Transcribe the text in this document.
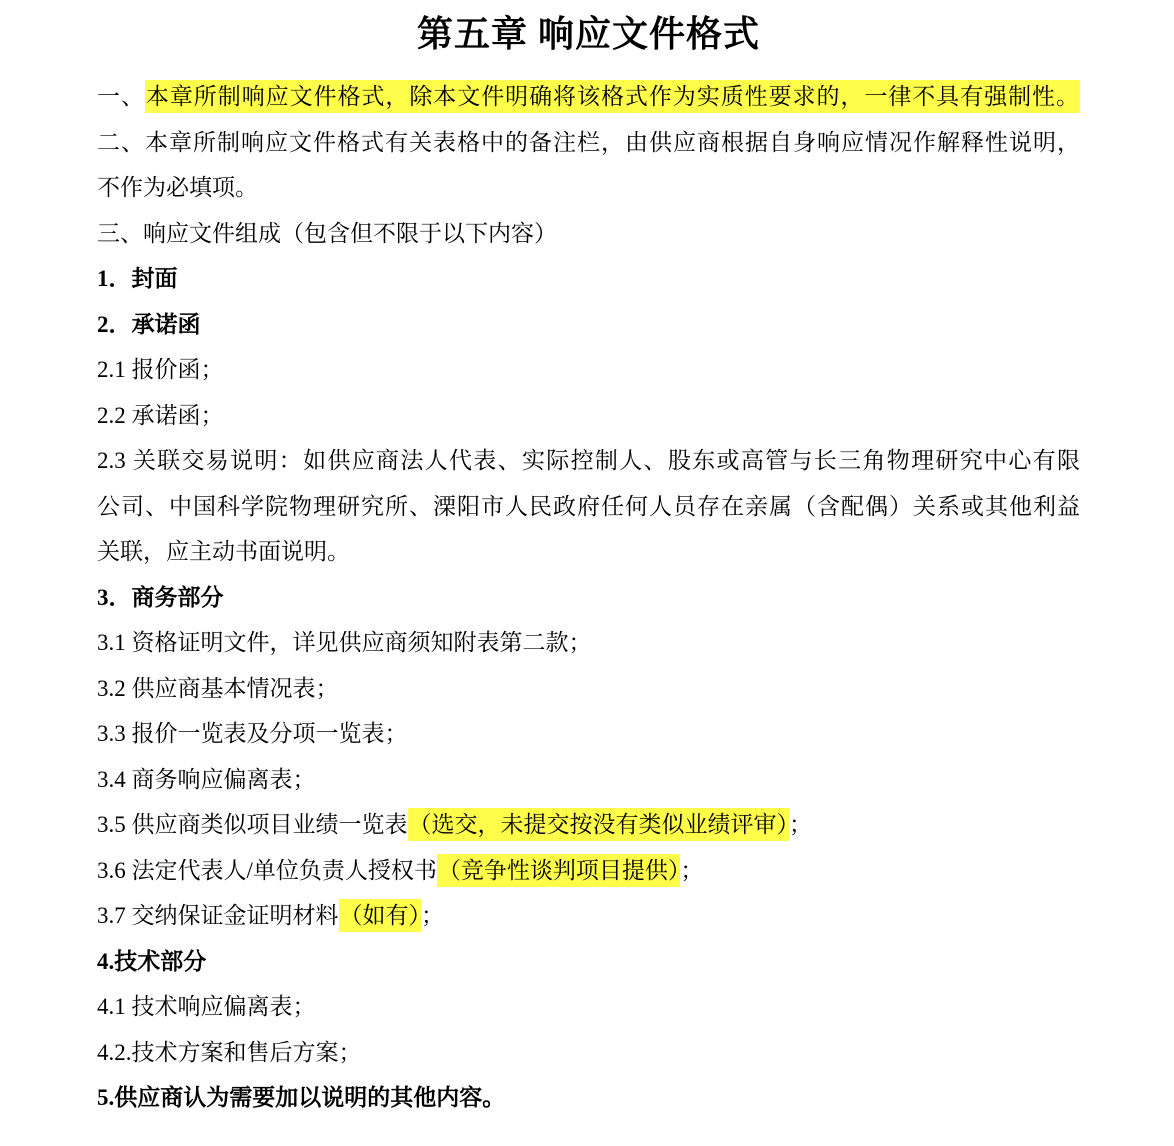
第五章 响应文件格式
一、本章所制响应文件格式，除本文件明确将该格式作为实质性要求的，一律不具有强制性。
二、本章所制响应文件格式有关表格中的备注栏，由供应商根据自身响应情况作解释性说明，
不作为必填项。
三、响应文件组成（包含但不限于以下内容）
1．封面
2．承诺函
2.1 报价函；
2.2 承诺函；
2.3 关联交易说明：如供应商法人代表、实际控制人、股东或高管与长三角物理研究中心有限
公司、中国科学院物理研究所、溧阳市人民政府任何人员存在亲属（含配偶）关系或其他利益
关联，应主动书面说明。
3．商务部分
3.1 资格证明文件，详见供应商须知附表第二款；
3.2 供应商基本情况表；
3.3 报价一览表及分项一览表；
3.4 商务响应偏离表；
3.5 供应商类似项目业绩一览表（选交，未提交按没有类似业绩评审）；
3.6 法定代表人/单位负责人授权书（竞争性谈判项目提供）；
3.7 交纳保证金证明材料（如有）；
4.技术部分
4.1 技术响应偏离表；
4.2.技术方案和售后方案；
5.供应商认为需要加以说明的其他内容。
